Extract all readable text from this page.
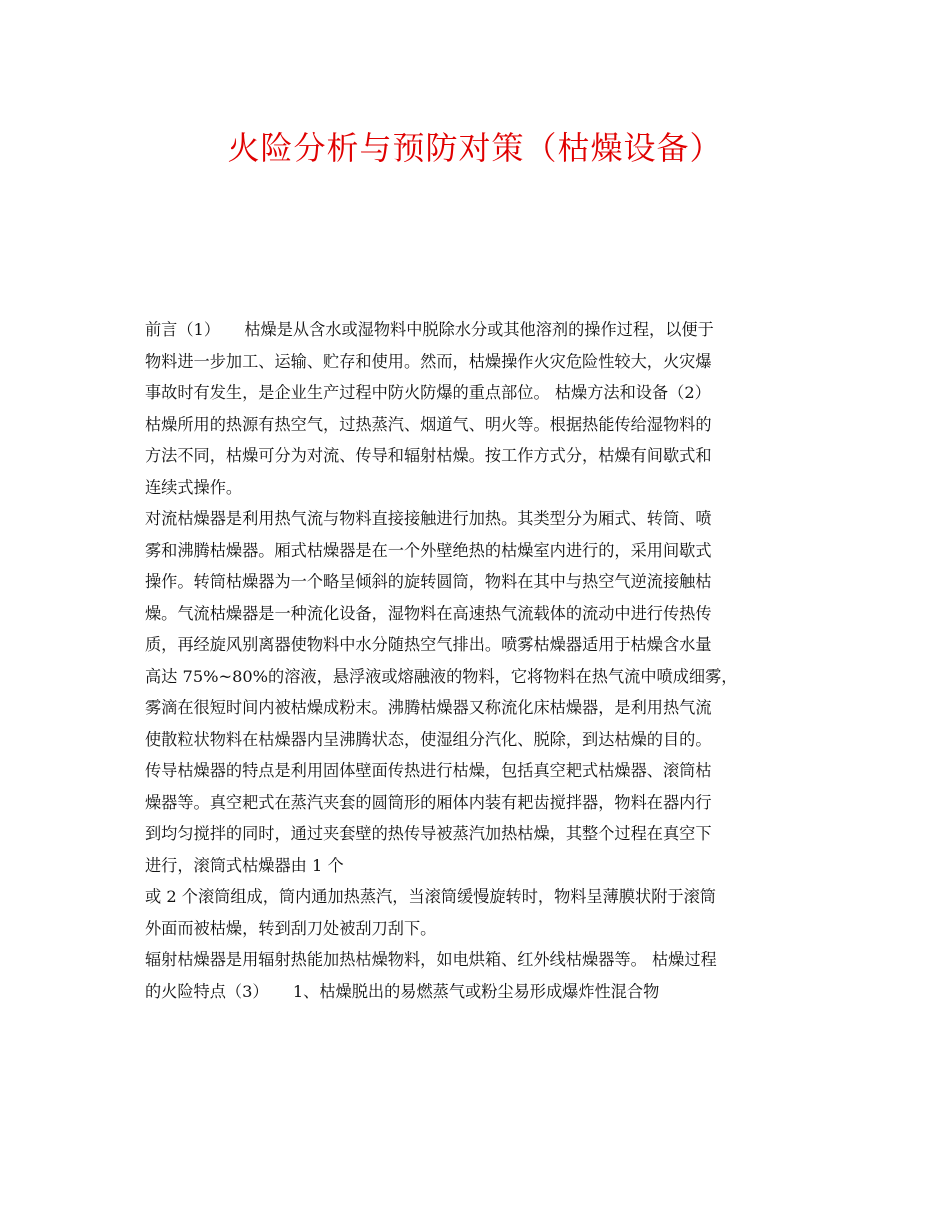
火险分析与预防对策（枯燥设备）
前言（1）　　枯燥是从含水或湿物料中脱除水分或其他溶剂的操作过程，以便于
物料进一步加工、运输、贮存和使用。然而，枯燥操作火灾危险性较大，火灾爆
事故时有发生，是企业生产过程中防火防爆的重点部位。 枯燥方法和设备（2）
枯燥所用的热源有热空气，过热蒸汽、烟道气、明火等。根据热能传给湿物料的
方法不同，枯燥可分为对流、传导和辐射枯燥。按工作方式分，枯燥有间歇式和
连续式操作。
对流枯燥器是利用热气流与物料直接接触进行加热。其类型分为厢式、转筒、喷
雾和沸腾枯燥器。厢式枯燥器是在一个外壁绝热的枯燥室内进行的，采用间歇式
操作。转筒枯燥器为一个略呈倾斜的旋转圆筒，物料在其中与热空气逆流接触枯
燥。气流枯燥器是一种流化设备，湿物料在高速热气流载体的流动中进行传热传
质，再经旋风别离器使物料中水分随热空气排出。喷雾枯燥器适用于枯燥含水量
高达 75%~80%的溶液，悬浮液或熔融液的物料，它将物料在热气流中喷成细雾，
雾滴在很短时间内被枯燥成粉末。沸腾枯燥器又称流化床枯燥器，是利用热气流
使散粒状物料在枯燥器内呈沸腾状态，使湿组分汽化、脱除，到达枯燥的目的。
传导枯燥器的特点是利用固体壁面传热进行枯燥，包括真空耙式枯燥器、滚筒枯
燥器等。真空耙式在蒸汽夹套的圆筒形的厢体内装有耙齿搅拌器，物料在器内行
到均匀搅拌的同时，通过夹套壁的热传导被蒸汽加热枯燥，其整个过程在真空下
进行，滚筒式枯燥器由 1 个
或 2 个滚筒组成，筒内通加热蒸汽，当滚筒缓慢旋转时，物料呈薄膜状附于滚筒
外面而被枯燥，转到刮刀处被刮刀刮下。
辐射枯燥器是用辐射热能加热枯燥物料，如电烘箱、红外线枯燥器等。 枯燥过程
的火险特点（3）　　1、枯燥脱出的易燃蒸气或粉尘易形成爆炸性混合物
